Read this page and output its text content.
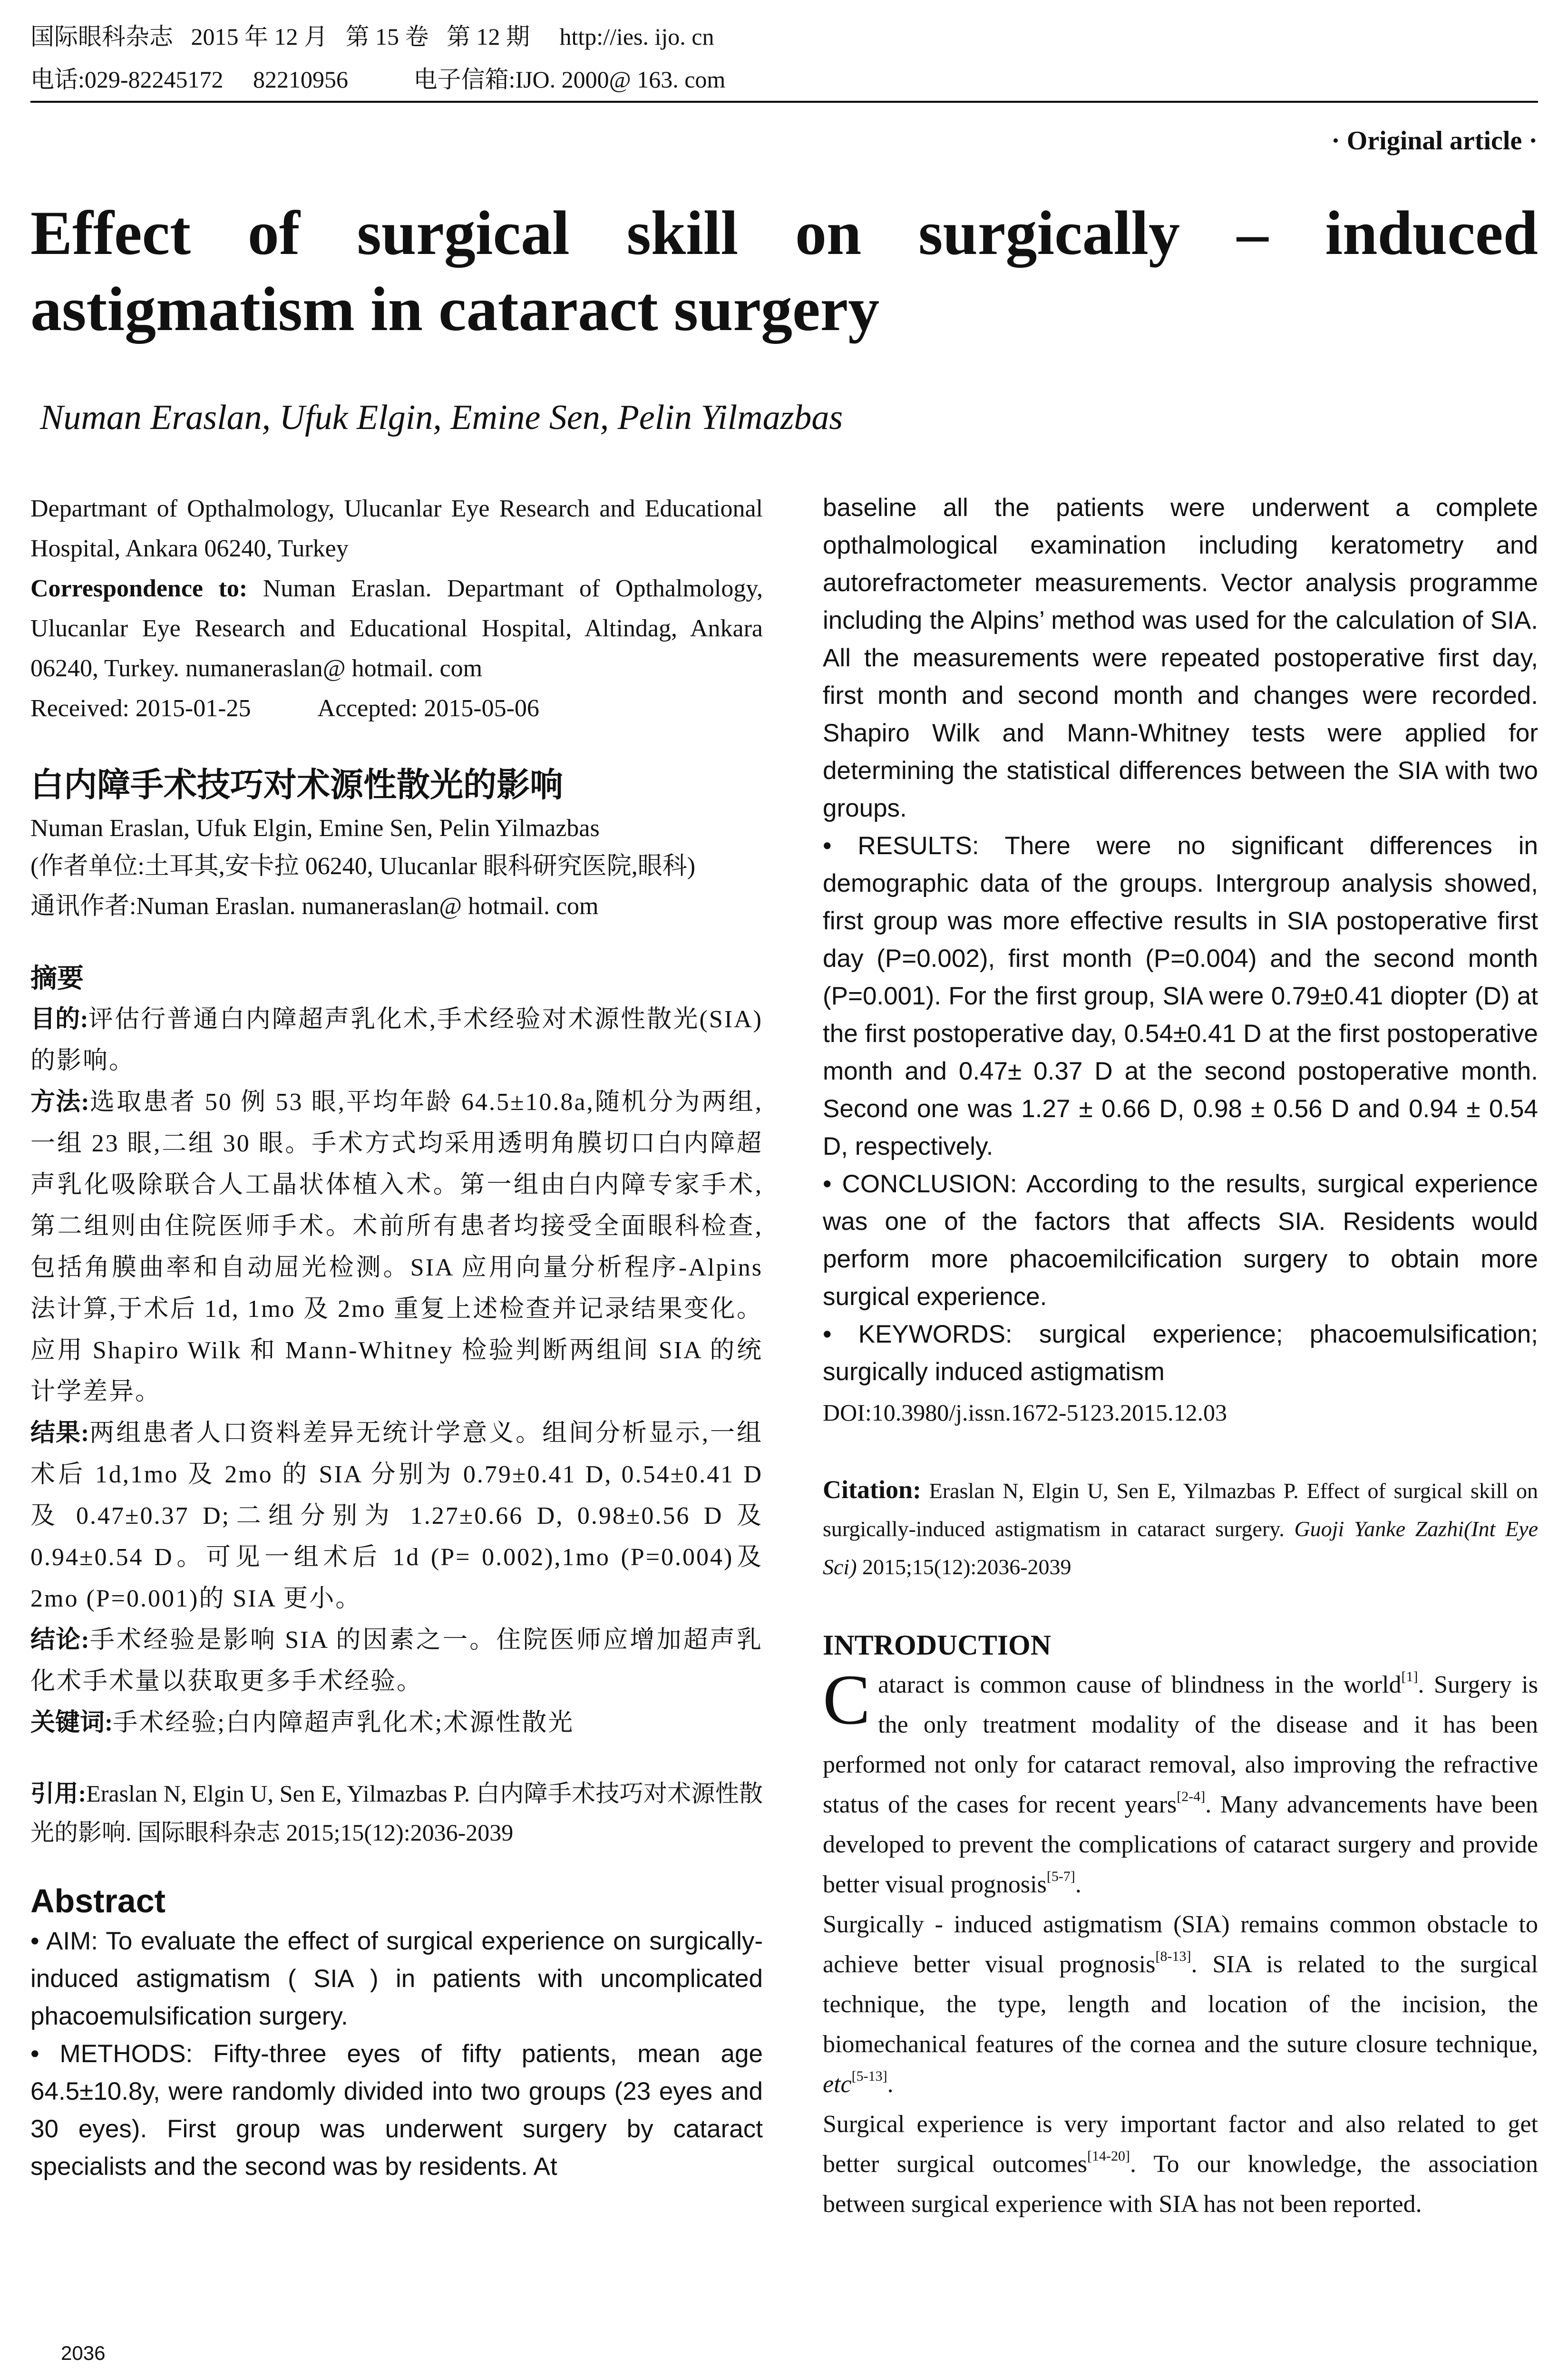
国际眼科杂志   2015 年 12 月   第 15 卷   第 12 期     http://ies. ijo. cn
电话:029-82245172     82210956           电子信箱:IJO. 2000@ 163. com
· Original article ·
Effect of surgical skill on surgically – induced
astigmatism in cataract surgery
Numan Eraslan, Ufuk Elgin, Emine Sen, Pelin Yilmazbas

Departmant of Opthalmology, Ulucanlar Eye Research and Educational Hospital, Ankara 06240, Turkey

Correspondence to: Numan Eraslan. Departmant of Opthalmology, Ulucanlar Eye Research and Educational Hospital, Altindag, Ankara 06240, Turkey. numaneraslan@ hotmail. com

Received: 2015-01-25	Accepted: 2015-05-06
白内障手术技巧对术源性散光的影响
Numan Eraslan, Ufuk Elgin, Emine Sen, Pelin Yilmazbas
(作者单位:土耳其,安卡拉 06240, Ulucanlar 眼科研究医院,眼科)
通讯作者:Numan Eraslan. numaneraslan@ hotmail. com
摘要

目的:评估行普通白内障超声乳化术,手术经验对术源性散光(SIA)的影响。

方法:选取患者 50 例 53 眼,平均年龄 64.5±10.8a,随机分为两组,一组 23 眼,二组 30 眼。手术方式均采用透明角膜切口白内障超声乳化吸除联合人工晶状体植入术。第一组由白内障专家手术,第二组则由住院医师手术。术前所有患者均接受全面眼科检查,包括角膜曲率和自动屈光检测。SIA 应用向量分析程序-Alpins 法计算,于术后 1d, 1mo 及 2mo 重复上述检查并记录结果变化。应用 Shapiro Wilk 和 Mann-Whitney 检验判断两组间 SIA 的统计学差异。

结果:两组患者人口资料差异无统计学意义。组间分析显示,一组术后 1d,1mo 及 2mo 的 SIA 分别为 0.79±0.41 D, 0.54±0.41 D 及 0.47±0.37 D;二组分别为 1.27±0.66 D, 0.98±0.56 D 及 0.94±0.54 D。可见一组术后 1d (P= 0.002),1mo (P=0.004)及 2mo (P=0.001)的 SIA 更小。

结论:手术经验是影响 SIA 的因素之一。住院医师应增加超声乳化术手术量以获取更多手术经验。

关键词:手术经验;白内障超声乳化术;术源性散光

引用:Eraslan N, Elgin U, Sen E, Yilmazbas P. 白内障手术技巧对术源性散光的影响. 国际眼科杂志 2015;15(12):2036-2039
Abstract

• AIM: To evaluate the effect of surgical experience on surgically- induced astigmatism ( SIA ) in patients with uncomplicated phacoemulsification surgery.

• METHODS: Fifty-three eyes of fifty patients, mean age 64.5±10.8y, were randomly divided into two groups (23 eyes and 30 eyes). First group was underwent surgery by cataract specialists and the second was by residents. At

2036

baseline all the patients were underwent a complete opthalmological examination including keratometry and autorefractometer measurements. Vector analysis programme including the Alpins’ method was used for the calculation of SIA. All the measurements were repeated postoperative first day, first month and second month and changes were recorded. Shapiro Wilk and Mann-Whitney tests were applied for determining the statistical differences between the SIA with two groups.

• RESULTS: There were no significant differences in demographic data of the groups. Intergroup analysis showed, first group was more effective results in SIA postoperative first day (P=0.002), first month (P=0.004) and the second month (P=0.001). For the first group, SIA were 0.79±0.41 diopter (D) at the first postoperative day, 0.54±0.41 D at the first postoperative month and 0.47± 0.37 D at the second postoperative month. Second one was 1.27 ± 0.66 D, 0.98 ± 0.56 D and 0.94 ± 0.54 D, respectively.

• CONCLUSION: According to the results, surgical experience was one of the factors that affects SIA. Residents would perform more phacoemilcification surgery to obtain more surgical experience.

• KEYWORDS: surgical experience; phacoemulsification; surgically induced astigmatism

DOI:10.3980/j.issn.1672-5123.2015.12.03
Citation: Eraslan N, Elgin U, Sen E, Yilmazbas P. Effect of surgical skill on surgically-induced astigmatism in cataract surgery. Guoji Yanke Zazhi(Int Eye Sci) 2015;15(12):2036-2039
INTRODUCTION

Cataract is common cause of blindness in the world[1]. Surgery is the only treatment modality of the disease and it has been performed not only for cataract removal, also improving the refractive status of the cases for recent years[2-4]. Many advancements have been developed to prevent the complications of cataract surgery and provide better visual prognosis[5-7].

Surgically - induced astigmatism (SIA) remains common obstacle to achieve better visual prognosis[8-13]. SIA is related to the surgical technique, the type, length and location of the incision, the biomechanical features of the cornea and the suture closure technique, etc[5-13].

Surgical experience is very important factor and also related to get better surgical outcomes[14-20]. To our knowledge, the association between surgical experience with SIA has not been reported.
